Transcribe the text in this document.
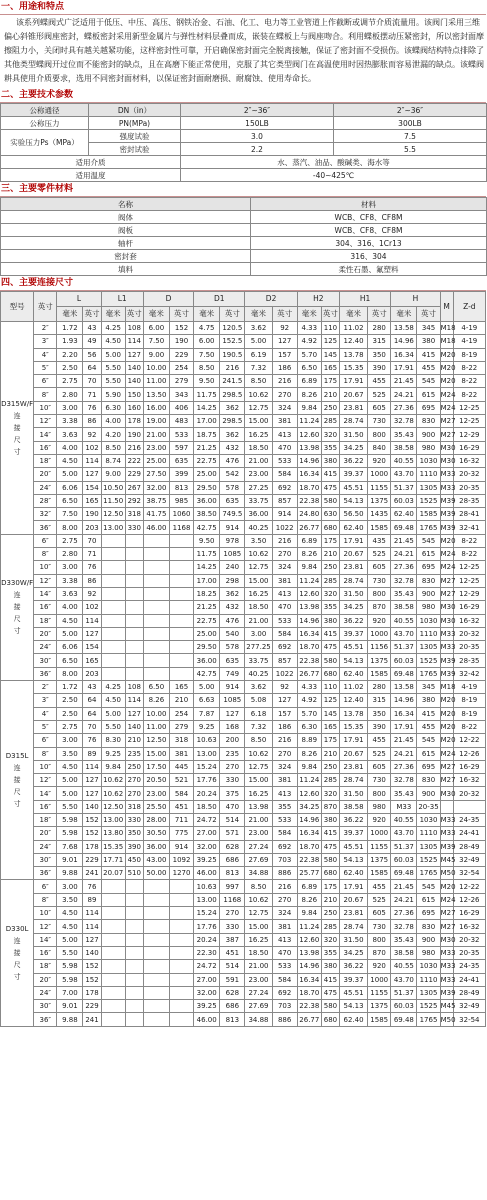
一、用途和特点
该系列蝶阀式广泛适用于低压、中压、高压、钢铁冶金、石油、化工、电力等工业管道上作截断或调节介质流量用。该阀门采用三维偏心斜锥形阀座密封，蝶板密封采用新型金属片与弹性材料层叠而成，嵌装在蝶板上与阀座吻合。利用蝶板摆动压紧密封，所以密封面摩擦阻力小，关闭时具有越关越紧功能，这样密封性可靠，开启确保密封面完全脱离接触，保证了密封面不受损伤。该蝶阀结构特点排除了其他类型蝶阀开过位而不能密封的缺点，且在高磨下能正常使用，克服了其它类型阀门在高温使用时因热膨胀而容易泄漏的缺点。该蝶阀耕具使用介质要求，选用不同密封面材料，以保证密封面耐磨损、耐腐蚀、使用寿命长。
二、主要技术参数
公称通径	DN（in）	2″~36″	2″~36″
公称压力	PN(MPa)	150LB	300LB
实验压力Ps（MPa）	强度试验	3.0	7.5
	密封试验	2.2	5.5
适用介质		水、蒸汽、油品、酸碱类、海水等	
适用温度		-40~425℃	
三、主要零件材料
名称	材料
阀体	WCB、CF8、CF8M
阀板	WCB、CF8、CF8M
轴杆	304、316、1Cr13
密封套	316、304
填料	柔性石墨、氟塑料
四、主要连接尺寸
型号	英寸	L		L1		D		D1		D2		H2		H1		H		M	Z-d
		毫米	英寸	毫米	英寸	毫米	英寸	毫米	英寸	毫米	英寸	毫米	英寸	毫米	英寸	毫米	英寸		

D315W/F
连
接
尺
寸	2″	1.72	43	4.25	108	6.00	152	4.75	120.5	3.62	92	4.33	110	11.02	280	13.58	345	M18	4-19
	3″	1.93	49	4.50	114	7.50	190	6.00	152.5	5.00	127	4.92	125	12.40	315	14.96	380	M18	4-19
	4″	2.20	56	5.00	127	9.00	229	7.50	190.5	6.19	157	5.70	145	13.78	350	16.34	415	M20	8-19
	5″	2.50	64	5.50	140	10.00	254	8.50	216	7.32	186	6.50	165	15.35	390	17.91	455	M20	8-22
	6″	2.75	70	5.50	140	11.00	279	9.50	241.5	8.50	216	6.89	175	17.91	455	21.45	545	M20	8-22
	8″	2.80	71	5.90	150	13.50	343	11.75	298.5	10.62	270	8.26	210	20.67	525	24.21	615	M24	8-22
	10″	3.00	76	6.30	160	16.00	406	14.25	362	12.75	324	9.84	250	23.81	605	27.36	695	M24	12-25
	12″	3.38	86	4.00	178	19.00	483	17.00	298.5	15.00	381	11.24	285	28.74	730	32.78	830	M27	12-25
	14″	3.63	92	4.20	190	21.00	533	18.75	362	16.25	413	12.60	320	31.50	800	35.43	900	M27	12-29
	16″	4.00	102	8.50	216	23.00	597	21.25	432	18.50	470	13.98	355	34.25	840	38.58	980	M30	16-29
	18″	4.50	114	8.74	222	25.00	635	22.75	476	21.00	533	14.96	380	36.22	920	40.55	1030	M30	16-32
	20″	5.00	127	9.00	229	27.50	399	25.00	542	23.00	584	16.34	415	39.37	1000	43.70	1110	M33	20-32
	24″	6.06	154	10.50	267	32.00	813	29.50	578	27.25	692	18.70	475	45.51	1155	51.37	1305	M33	20-35
	28″	6.50	165	11.50	292	38.75	985	36.00	635	33.75	857	22.38	580	54.13	1375	60.03	1525	M39	28-35
	32″	7.50	190	12.50	318	41.75	1060	38.50	749.5	36.00	914	24.80	630	56.50	1435	62.40	1585	M39	28-41
	36″	8.00	203	13.00	330	46.00	1168	42.75	914	40.25	1022	26.77	680	62.40	1585	69.48	1765	M39	32-41

D330W/F
连
接
尺
寸	6″	2.75	70					9.50	978	3.50	216	6.89	175	17.91	435	21.45	545	M20	8-22
	8″	2.80	71					11.75	1085	10.62	270	8.26	210	20.67	525	24.21	615	M24	8-22
	10″	3.00	76					14.25	240	12.75	324	9.84	250	23.81	605	27.36	695	M24	12-25
	12″	3.38	86					17.00	298	15.00	381	11.24	285	28.74	730	32.78	830	M27	12-25
	14″	3.63	92					18.25	362	16.25	413	12.60	320	31.50	800	35.43	900	M27	12-29
	16″	4.00	102					21.25	432	18.50	470	13.98	355	34.25	870	38.58	980	M30	16-29
	18″	4.50	114					22.75	476	21.00	533	14.96	380	36.22	920	40.55	1030	M30	16-32
	20″	5.00	127					25.00	540	3.00	584	16.34	415	39.37	1000	43.70	1110	M33	20-32
	24″	6.06	154					29.50	578	277.25	692	18.70	475	45.51	1156	51.37	1305	M33	20-35
	30″	6.50	165					36.00	635	33.75	857	22.38	580	54.13	1375	60.03	1525	M39	28-35
	36″	8.00	203					42.75	749	40.25	1022	26.77	680	62.40	1585	69.48	1765	M39	32-42

D315L
连
接
尺
寸	2″	1.72	43	4.25	108	6.50	165	5.00	914	3.62	92	4.33	110	11.02	280	13.58	345	M18	4-19
	3″	2.50	64	4.50	114	8.26	210	6.63	1085	5.08	127	4.92	125	12.40	315	14.96	380	M20	8-19
	4″	2.50	64	5.00	127	10.00	254	7.87	127	6.18	157	5.70	145	13.78	350	16.34	415	M20	8-19
	5″	2.75	70	5.50	140	11.00	279	9.25	168	7.32	186	6.30	165	15.35	390	17.91	455	M20	8-22
	6″	3.00	76	8.30	210	12.50	318	10.63	200	8.50	216	8.89	175	17.91	455	21.45	545	M20	12-22
	8″	3.50	89	9.25	235	15.00	381	13.00	235	10.62	270	8.26	210	20.67	525	24.21	615	M24	12-26
	10″	4.50	114	9.84	250	17.50	445	15.24	270	12.75	324	9.84	250	23.81	605	27.36	695	M27	16-29
	12″	5.00	127	10.62	270	20.50	521	17.76	330	15.00	381	11.24	285	28.74	730	32.78	830	M27	16-32
	14″	5.00	127	10.62	270	23.00	584	20.24	375	16.25	413	12.60	320	31.50	800	35.43	900	M30	20-32
	16″	5.50	140	12.50	318	25.50	451	18.50	470	13.98	355	34.25	870	38.58	980	M33	20-35		
	18″	5.98	152	13.00	330	28.00	711	24.72	514	21.00	533	14.96	380	36.22	920	40.55	1030	M33	24-35
	20″	5.98	152	13.80	350	30.50	775	27.00	571	23.00	584	16.34	415	39.37	1000	43.70	1110	M33	24-41
	24″	7.68	178	15.35	390	36.00	914	32.00	628	27.24	692	18.70	475	45.51	1155	51.37	1305	M39	28-49
	30″	9.01	229	17.71	450	43.00	1092	39.25	686	27.69	703	22.38	580	54.13	1375	60.03	1525	M45	32-49
	36″	9.88	241	20.07	510	50.00	1270	46.00	813	34.88	886	25.77	680	62.40	1585	69.48	1765	M50	32-54

D330L
连
接
尺
寸	6″	3.00	76					10.63	997	8.50	216	6.89	175	17.91	455	21.45	545	M20	12-22
	8″	3.50	89					13.00	1168	10.62	270	8.26	210	20.67	525	24.21	615	M24	12-26
	10″	4.50	114					15.24	270	12.75	324	9.84	250	23.81	605	27.36	695	M27	16-29
	12″	4.50	114					17.76	330	15.00	381	11.24	285	28.74	730	32.78	830	M27	16-32
	14″	5.00	127					20.24	387	16.25	413	12.60	320	31.50	800	35.43	900	M30	20-32
	16″	5.50	140					22.30	451	18.50	470	13.98	355	34.25	870	38.58	980	M33	20-35
	18″	5.98	152					24.72	514	21.00	533	14.96	380	36.22	920	40.55	1030	M33	24-35
	20″	5.98	152					27.00	591	23.00	584	16.34	415	39.37	1000	43.70	1110	M33	24-41
	24″	7.00	178					32.00	628	27.24	692	18.70	475	45.51	1155	51.37	1305	M39	28-49
	30″	9.01	229					39.25	686	27.69	703	22.38	580	54.13	1375	60.03	1525	M45	32-49
	36″	9.88	241					46.00	813	34.88	886	26.77	680	62.40	1585	69.48	1765	M50	32-54
